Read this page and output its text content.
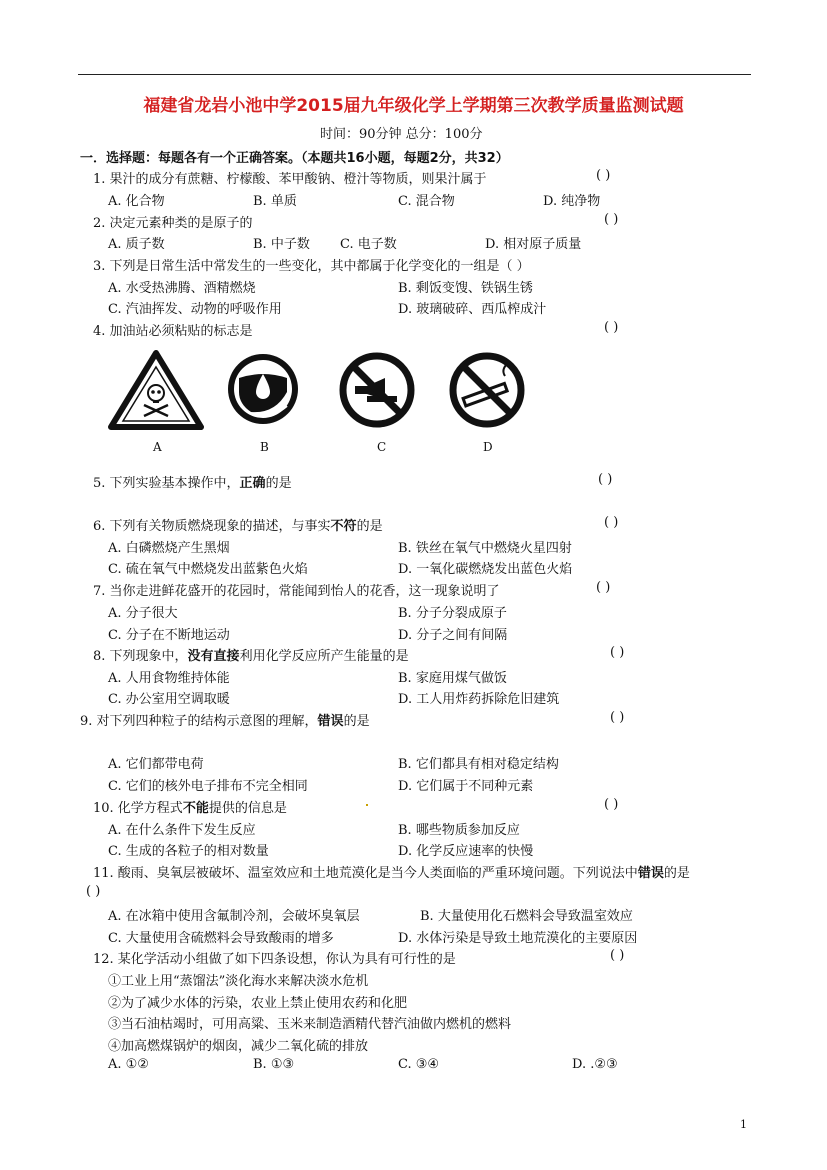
福建省龙岩小池中学2015届九年级化学上学期第三次教学质量监测试题
时间：90分钟 总分：100分
一．选择题：每题各有一个正确答案。（本题共16小题，每题2分，共32）
1. 果汁的成分有蔗糖、柠檬酸、苯甲酸钠、橙汁等物质，则果汁属于	( )
A. 化合物	B. 单质	C. 混合物	D. 纯净物
2. 决定元素种类的是原子的	( )
A. 质子数	B. 中子数 C. 电子数	D. 相对原子质量
3. 下列是日常生活中常发生的一些变化，其中都属于化学变化的一组是（ ）
A. 水受热沸腾、酒精燃烧	B. 剩饭变馊、铁锅生锈
C. 汽油挥发、动物的呼吸作用	D. 玻璃破碎、西瓜榨成汁
4. 加油站必须粘贴的标志是	( )
A	B	C	D
5. 下列实验基本操作中，正确的是	( )
6. 下列有关物质燃烧现象的描述，与事实不符的是	( )
A. 白磷燃烧产生黑烟	B. 铁丝在氧气中燃烧火星四射
C. 硫在氧气中燃烧发出蓝紫色火焰	D. 一氧化碳燃烧发出蓝色火焰
7. 当你走进鲜花盛开的花园时，常能闻到怡人的花香，这一现象说明了	( )
A. 分子很大	B. 分子分裂成原子
C. 分子在不断地运动	D. 分子之间有间隔
8. 下列现象中，没有直接利用化学反应所产生能量的是	( )
A. 人用食物维持体能	B. 家庭用煤气做饭
C. 办公室用空调取暖	D. 工人用炸药拆除危旧建筑
9. 对下列四种粒子的结构示意图的理解，错误的是	( )
A. 它们都带电荷	B. 它们都具有相对稳定结构
C. 它们的核外电子排布不完全相同	D. 它们属于不同种元素
10. 化学方程式不能提供的信息是	( )
A. 在什么条件下发生反应	B. 哪些物质参加反应
C. 生成的各粒子的相对数量	D. 化学反应速率的快慢
11. 酸雨、臭氧层被破坏、温室效应和土地荒漠化是当今人类面临的严重环境问题。下列说法中错误的是
( )
A. 在冰箱中使用含氟制冷剂，会破坏臭氧层	B. 大量使用化石燃料会导致温室效应
C. 大量使用含硫燃料会导致酸雨的增多	D. 水体污染是导致土地荒漠化的主要原因
12. 某化学活动小组做了如下四条设想，你认为具有可行性的是	( )
①工业上用“蒸馏法”淡化海水来解决淡水危机
②为了减少水体的污染，农业上禁止使用农药和化肥
③当石油枯竭时，可用高粱、玉米来制造酒精代替汽油做内燃机的燃料
④加高燃煤锅炉的烟囱，减少二氧化硫的排放
A. ①②	B. ①③	C. ③④	D. .②③
1
